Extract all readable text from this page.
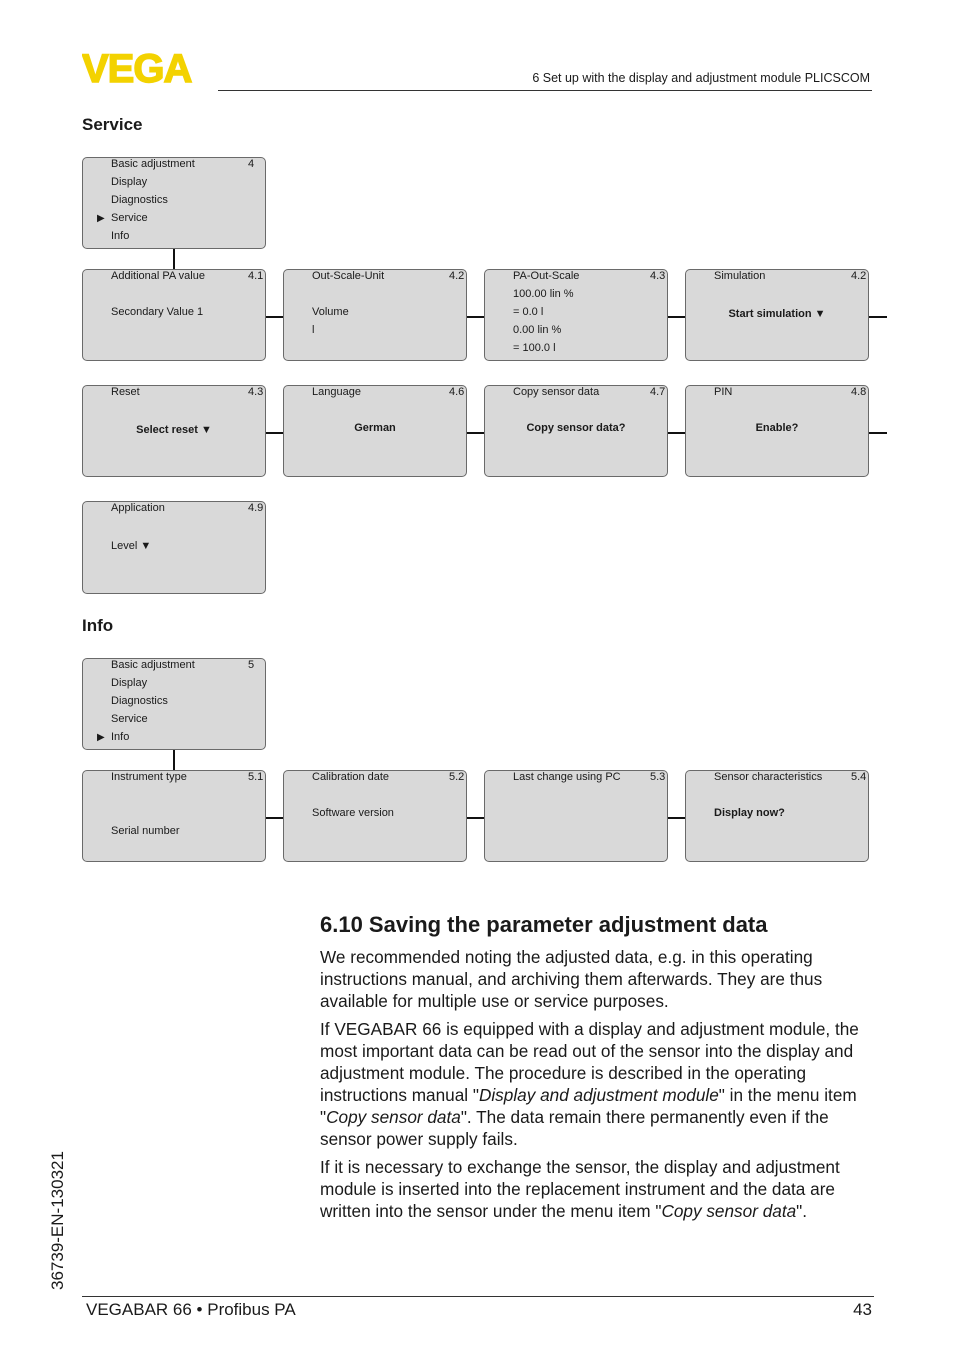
VEGA	6 Set up with the display and adjustment module PLICSCOM
Service
4
Basic adjustment
Display
Diagnostics
▶ Service
Info
Additional PA value	4.1
Secondary Value 1
Out-Scale-Unit	4.2
Volume
l
PA-Out-Scale	4.3
100.00 lin %
= 0.0 l
0.00 lin %
= 100.0 l
Simulation	4.2
Start simulation ▼
Reset	4.3
Select reset ▼
Language	4.6
German
Copy sensor data	4.7
Copy sensor data?
PIN	4.8
Enable?
Application	4.9
Level ▼
Info
5
Basic adjustment
Display
Diagnostics
Service
▶ Info
Instrument type	5.1
Serial number
Calibration date	5.2
Software version
Last change using PC	5.3	Sensor characteristics	5.4
Display now?
6.10 Saving the parameter adjustment data

We recommended noting the adjusted data, e.g. in this operating instructions manual, and archiving them afterwards. They are thus available for multiple use or service purposes.

If VEGABAR 66 is equipped with a display and adjustment module, the most important data can be read out of the sensor into the display and adjustment module. The procedure is described in the operating instructions manual "Display and adjustment module" in the menu item "Copy sensor data". The data remain there permanently even if the sensor power supply fails.

If it is necessary to exchange the sensor, the display and adjustment module is inserted into the replacement instrument and the data are written into the sensor under the menu item "Copy sensor data".

36739-EN-130321
VEGABAR 66 • Profibus PA	43
